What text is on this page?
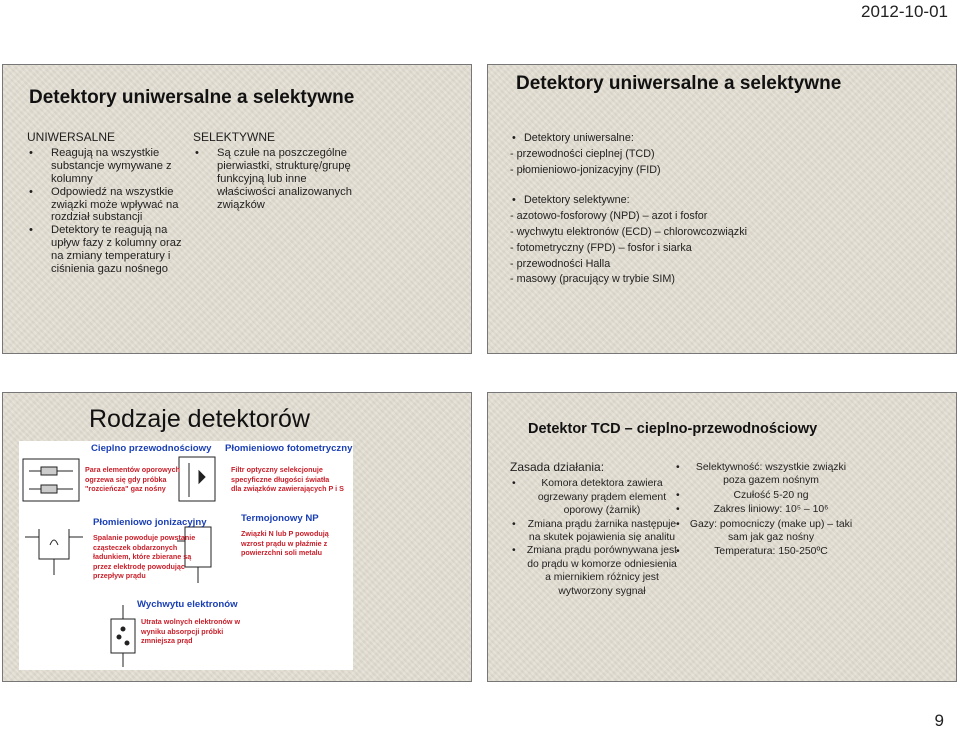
2012-10-01
Detektory uniwersalne a selektywne
UNIWERSALNE
• Reagują na wszystkie substancje wymywane z kolumny
• Odpowiedź na wszystkie związki może wpływać na rozdział substancji
• Detektory te reagują na upływ fazy z kolumny oraz na zmiany temperatury i ciśnienia gazu nośnego
SELEKTYWNE
• Są czułe na poszczególne pierwiastki, strukturę/grupę funkcyjną lub inne właściwości analizowanych związków
Detektory uniwersalne a selektywne
• Detektory uniwersalne:
- przewodności cieplnej (TCD)
- płomieniowo-jonizacyjny (FID)
• Detektory selektywne:
- azotowo-fosforowy (NPD) – azot i fosfor
- wychwytu elektronów (ECD) – chlorowcozwiązki
- fotometryczny (FPD) – fosfor i siarka
- przewodności Halla
- masowy (pracujący w trybie SIM)
Rodzaje detektorów
Cieplno przewodnościowy
Para elementów oporowych
ogrzewa się gdy próbka
"rozcieńcza" gaz nośny
Płomieniowo fotometryczny
Filtr optyczny selekcjonuje
specyficzne długości światła
dla związków zawierających P i S
Płomieniowo jonizacyjny
Spalanie powoduje powstanie
cząsteczek obdarzonych
ładunkiem, które zbierane są
przez elektrodę powodując
przepływ prądu
Termojonowy NP
Związki N lub P powodują
wzrost prądu w płaźmie z
powierzchni soli metalu
Wychwytu elektronów
Utrata wolnych elektronów w
wyniku absorpcji próbki
zmniejsza prąd
Detektor TCD – cieplno-przewodnościowy
Zasada działania:
• Komora detektora zawiera ogrzewany prądem element oporowy (żarnik)
• Zmiana prądu żarnika następuje na skutek pojawienia się analitu
• Zmiana prądu porównywana jest do prądu w komorze odniesienia a miernikiem różnicy jest wytworzony sygnał
• Selektywność: wszystkie związki poza gazem nośnym
• Czułość 5-20 ng
• Zakres liniowy: 10⁵ – 10⁶
• Gazy: pomocniczy (make up) – taki sam jak gaz nośny
• Temperatura: 150-250ºC
9
